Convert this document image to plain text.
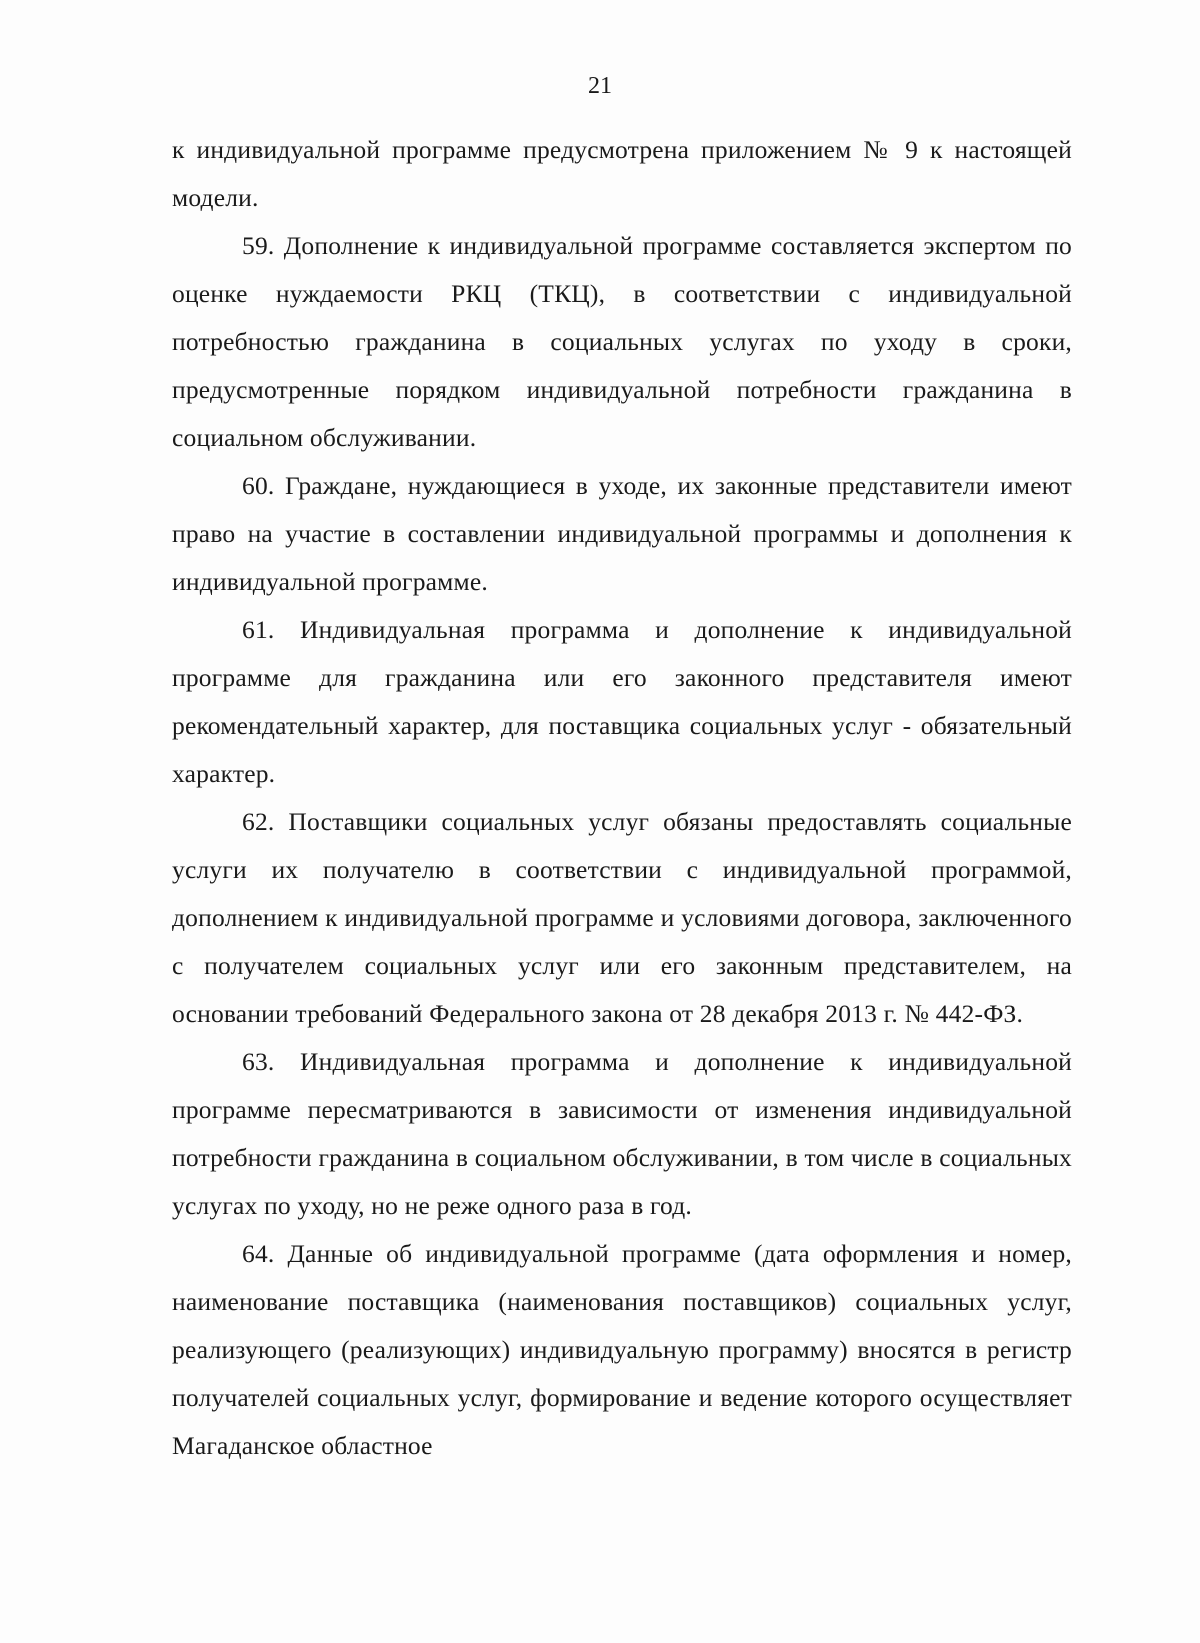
21

к индивидуальной программе предусмотрена приложением № 9 к настоящей модели.

59. Дополнение к индивидуальной программе составляется экспертом по оценке нуждаемости РКЦ (ТКЦ), в соответствии с индивидуальной потребностью гражданина в социальных услугах по уходу в сроки, предусмотренные порядком индивидуальной потребности гражданина в социальном обслуживании.

60. Граждане, нуждающиеся в уходе, их законные представители имеют право на участие в составлении индивидуальной программы и дополнения к индивидуальной программе.

61. Индивидуальная программа и дополнение к индивидуальной программе для гражданина или его законного представителя имеют рекомендательный характер, для поставщика социальных услуг - обязательный характер.

62. Поставщики социальных услуг обязаны предоставлять социальные услуги их получателю в соответствии с индивидуальной программой, дополнением к индивидуальной программе и условиями договора, заключенного с получателем социальных услуг или его законным представителем, на основании требований Федерального закона от 28 декабря 2013 г. № 442-ФЗ.

63. Индивидуальная программа и дополнение к индивидуальной программе пересматриваются в зависимости от изменения индивидуальной потребности гражданина в социальном обслуживании, в том числе в социальных услугах по уходу, но не реже одного раза в год.

64. Данные об индивидуальной программе (дата оформления и номер, наименование поставщика (наименования поставщиков) социальных услуг, реализующего (реализующих) индивидуальную программу) вносятся в регистр получателей социальных услуг, формирование и ведение которого осуществляет Магаданское областное
